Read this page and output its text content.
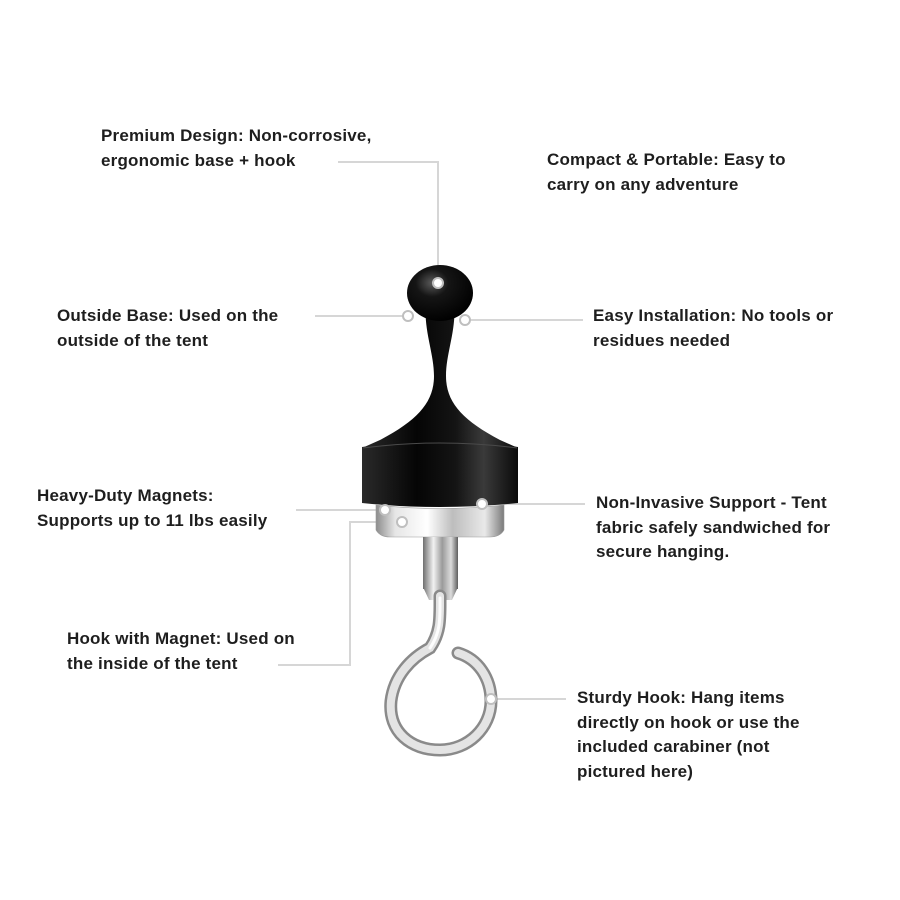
Premium Design: Non-corrosive,
ergonomic base + hook	Compact & Portable: Easy to
carry on any adventure

Outside Base: Used on the
outside of the tent

Easy Installation: No tools or
residues needed

Heavy-Duty Magnets:
Supports up to 11 lbs easily

Non-Invasive Support - Tent
fabric safely sandwiched for
secure hanging.

Hook with Magnet: Used on
the inside of the tent

Sturdy Hook: Hang items
directly on hook or use the
included carabiner (not
pictured here)
